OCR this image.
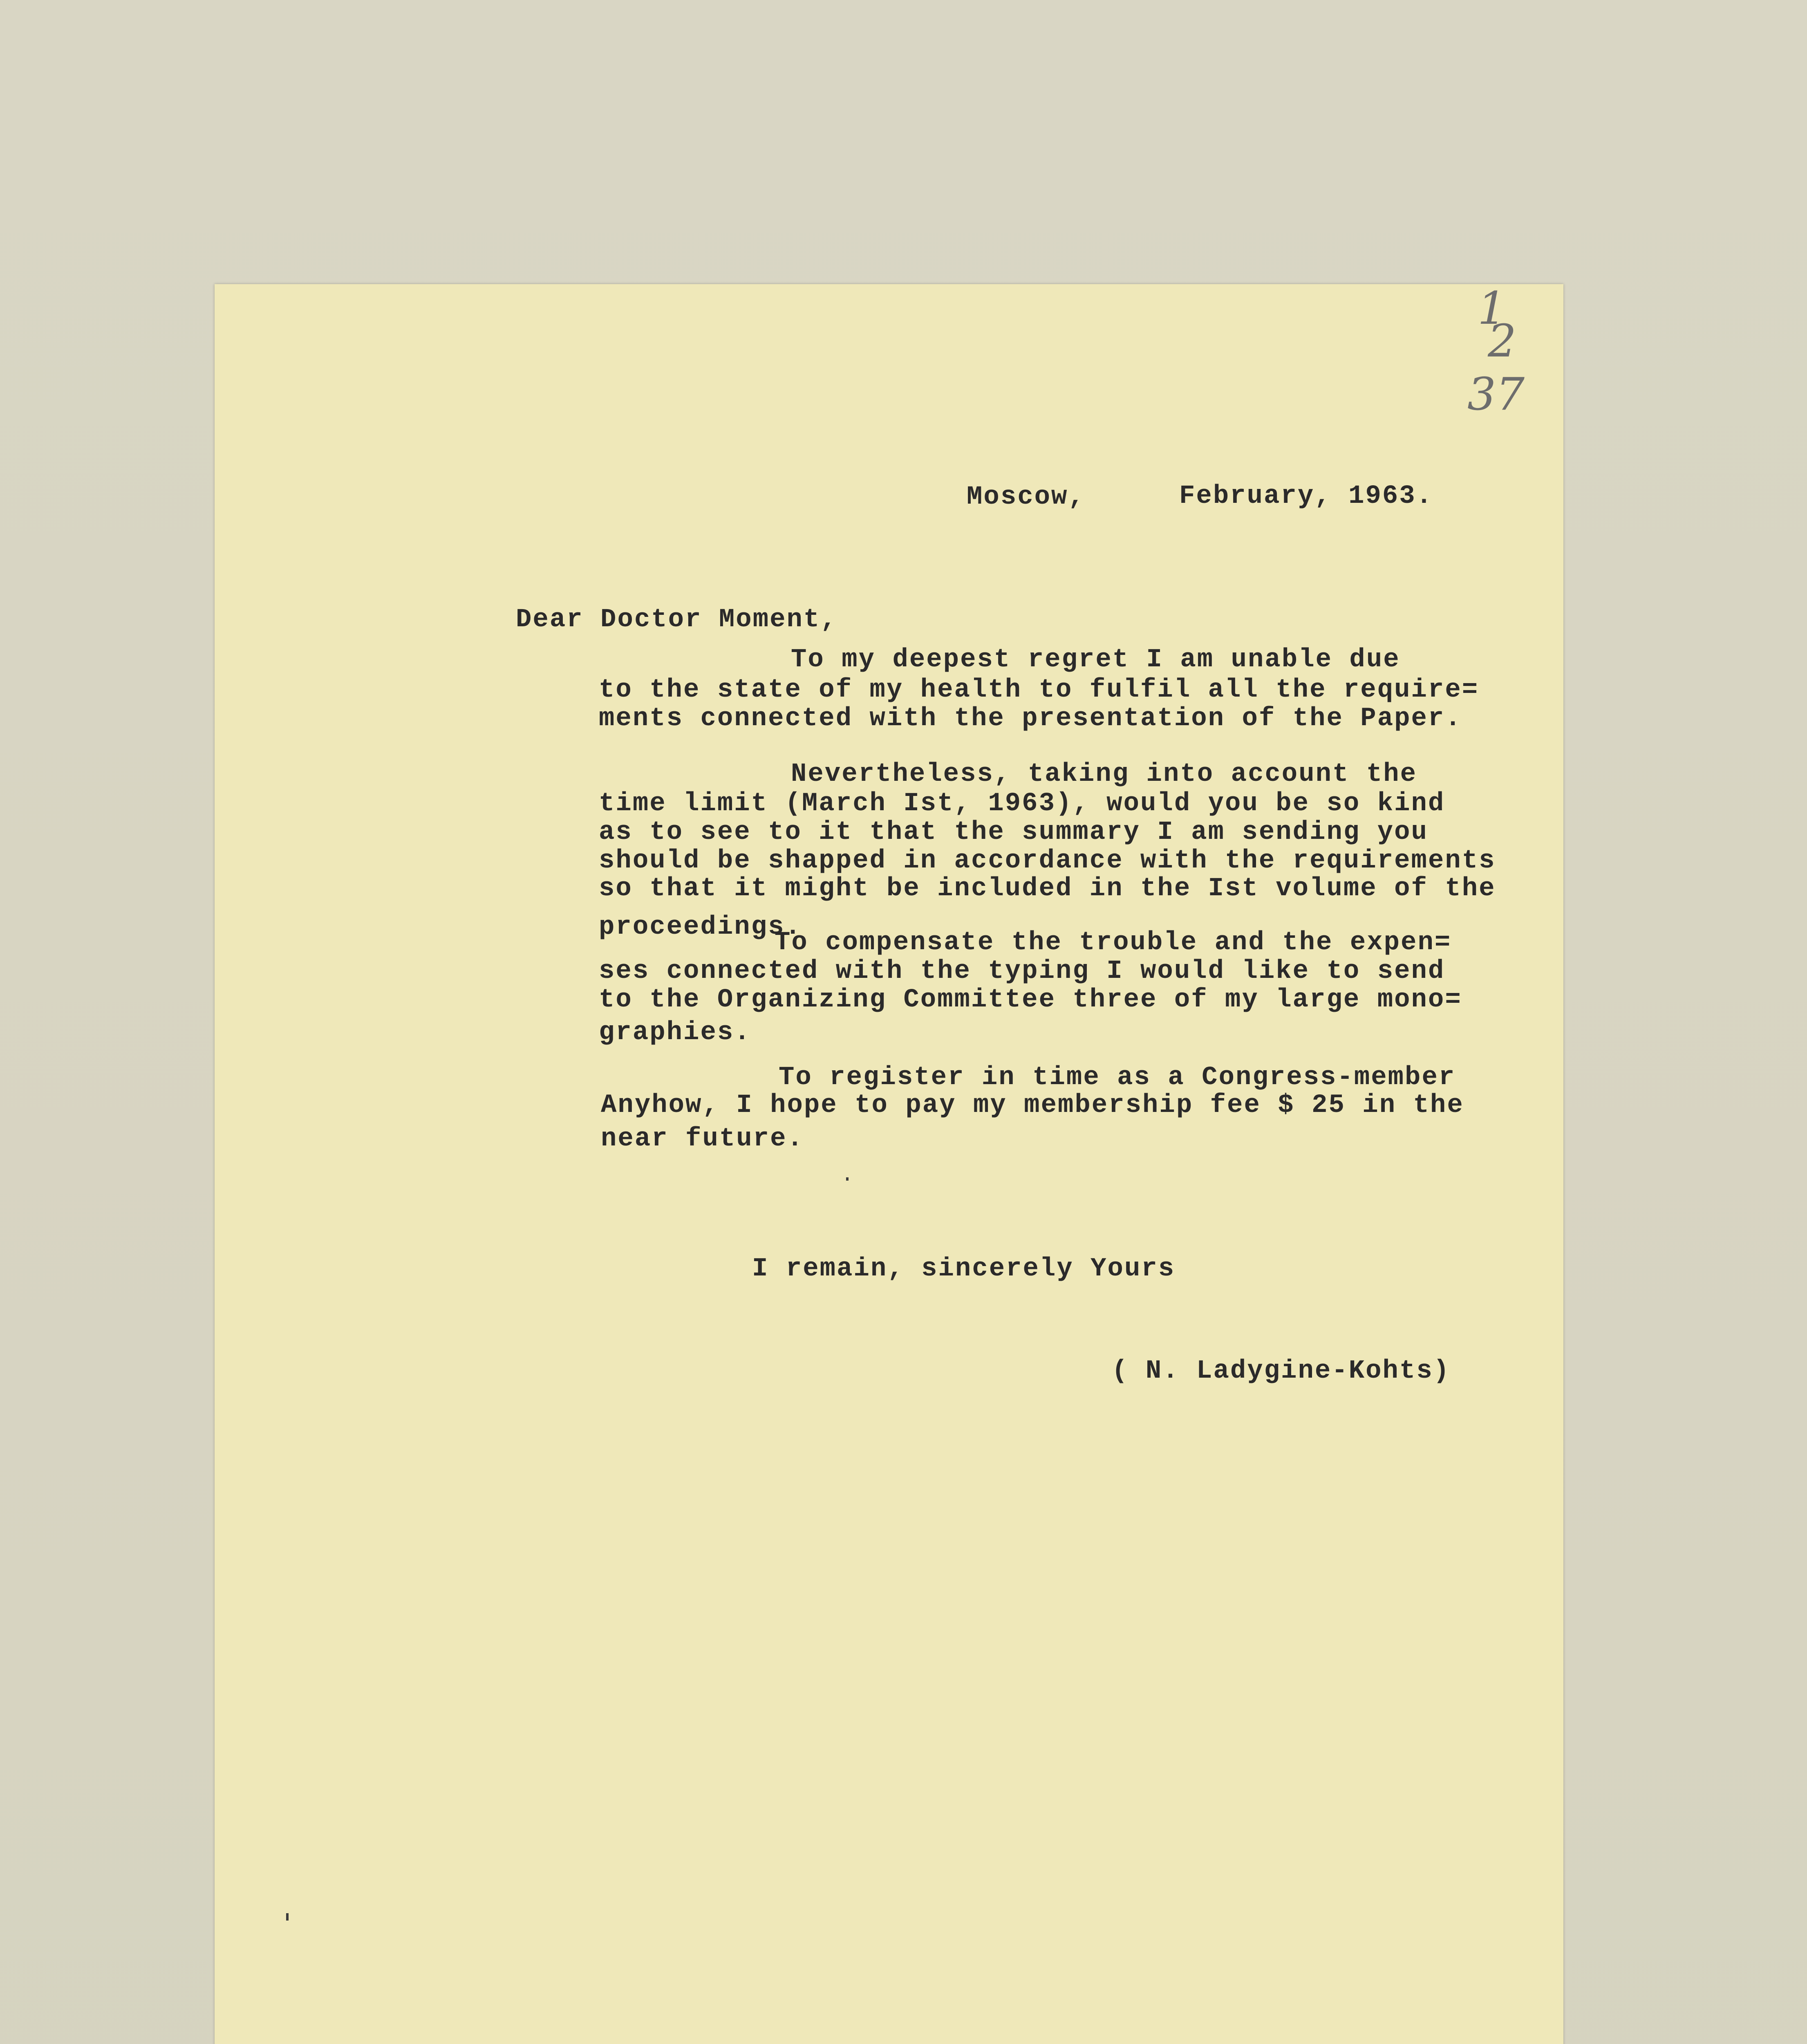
1
2
37
Moscow,	February, 1963.
Dear Doctor Moment,
To my deepest regret I am unable due
to the state of my health to fulfil all the require=
ments connected with the presentation of the Paper.
Nevertheless, taking into account the
time limit (March Ist, 1963), would you be so kind
as to see to it that the summary I am sending you
should be shapped in accordance with the requirements
so that it might be included in the Ist volume of the
proceedings.
To compensate the trouble and the expen=
ses connected with the typing I would like to send
to the Organizing Committee three of my large mono=
graphies.
To register in time as a Congress-member
Anyhow, I hope to pay my membership fee $ 25 in the
near future.
I remain, sincerely Yours
( N. Ladygine-Kohts)
